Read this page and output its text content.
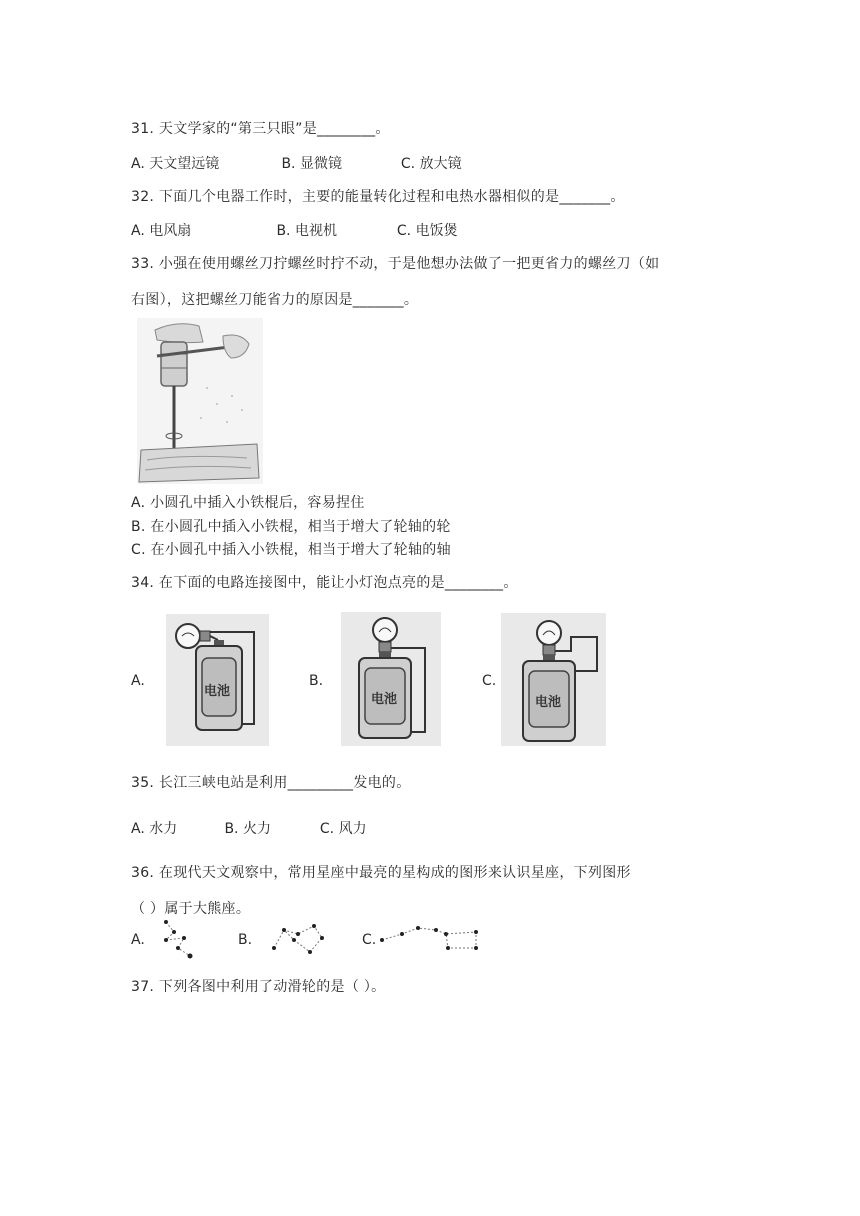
31. 天文学家的“第三只眼”是________。
A. 天文望远镜	B. 显微镜	C. 放大镜
32. 下面几个电器工作时，主要的能量转化过程和电热水器相似的是_______。
A. 电风扇	B. 电视机	C. 电饭煲
33. 小强在使用螺丝刀拧螺丝时拧不动，于是他想办法做了一把更省力的螺丝刀（如
右图），这把螺丝刀能省力的原因是_______。
A. 小圆孔中插入小铁棍后，容易捏住
B. 在小圆孔中插入小铁棍，相当于增大了轮轴的轮
C. 在小圆孔中插入小铁棍，相当于增大了轮轴的轴
34. 在下面的电路连接图中，能让小灯泡点亮的是________。
A.
电池
B.
电池
C.
电池
35. 长江三峡电站是利用_________发电的。
A. 水力	B. 火力	C. 风力
36. 在现代天文观察中，常用星座中最亮的星构成的图形来认识星座，下列图形
（ ）属于大熊座。
A.	B.	C.
37. 下列各图中利用了动滑轮的是（ ）。
